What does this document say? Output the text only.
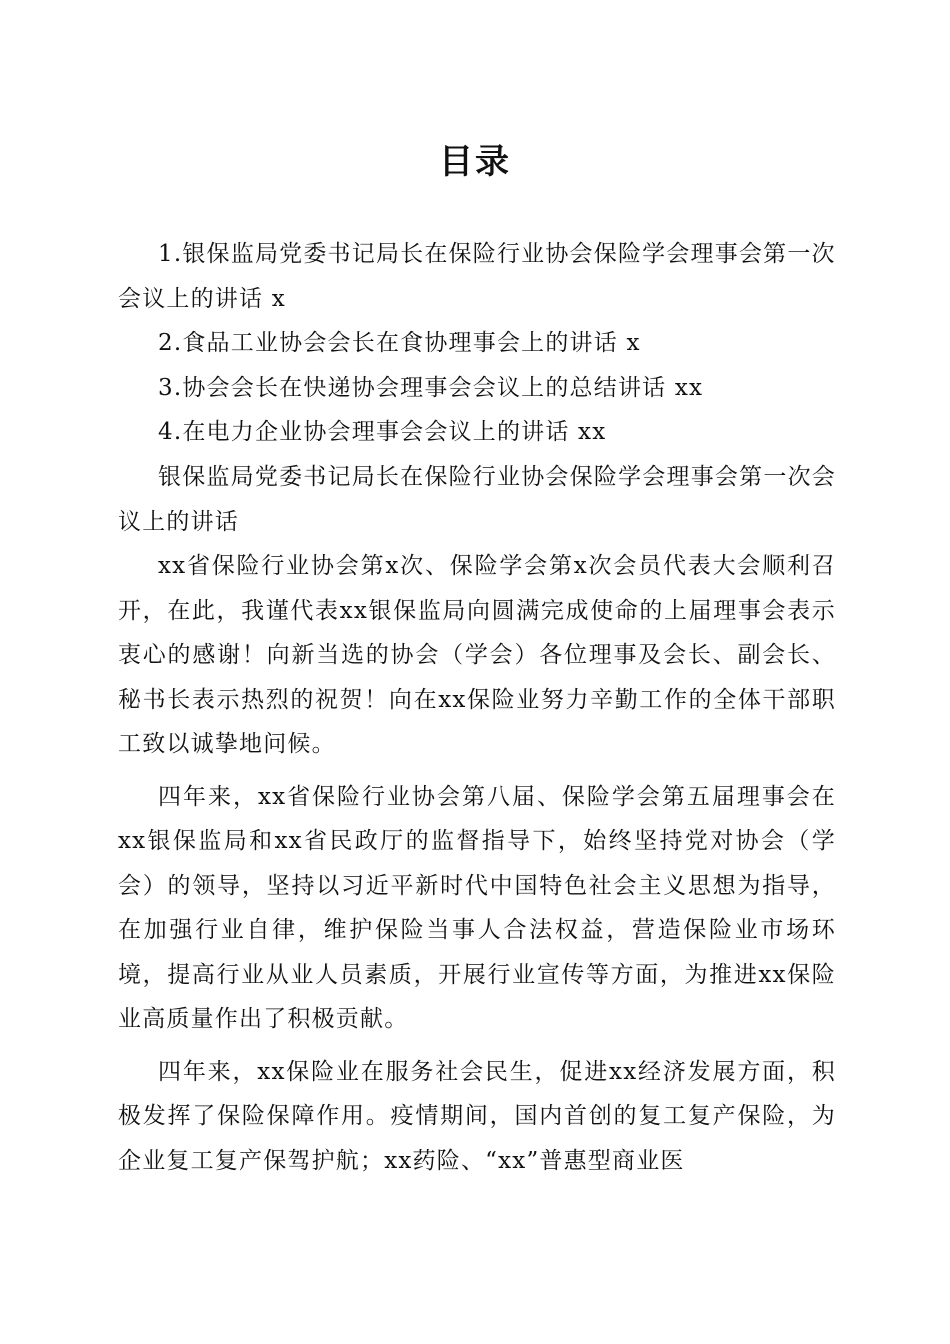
目录
1.银保监局党委书记局长在保险行业协会保险学会理事会第一次会议上的讲话 x
2.食品工业协会会长在食协理事会上的讲话 x
3.协会会长在快递协会理事会会议上的总结讲话 xx
4.在电力企业协会理事会会议上的讲话 xx

银保监局党委书记局长在保险行业协会保险学会理事会第一次会议上的讲话

xx省保险行业协会第x次、保险学会第x次会员代表大会顺利召开，在此，我谨代表xx银保监局向圆满完成使命的上届理事会表示衷心的感谢！向新当选的协会（学会）各位理事及会长、副会长、秘书长表示热烈的祝贺！向在xx保险业努力辛勤工作的全体干部职工致以诚挚地问候。

四年来，xx省保险行业协会第八届、保险学会第五届理事会在xx银保监局和xx省民政厅的监督指导下，始终坚持党对协会（学会）的领导，坚持以习近平新时代中国特色社会主义思想为指导，在加强行业自律，维护保险当事人合法权益，营造保险业市场环境，提高行业从业人员素质，开展行业宣传等方面，为推进xx保险业高质量作出了积极贡献。

四年来，xx保险业在服务社会民生，促进xx经济发展方面，积极发挥了保险保障作用。疫情期间，国内首创的复工复产保险，为企业复工复产保驾护航；xx药险、“xx”普惠型商业医
